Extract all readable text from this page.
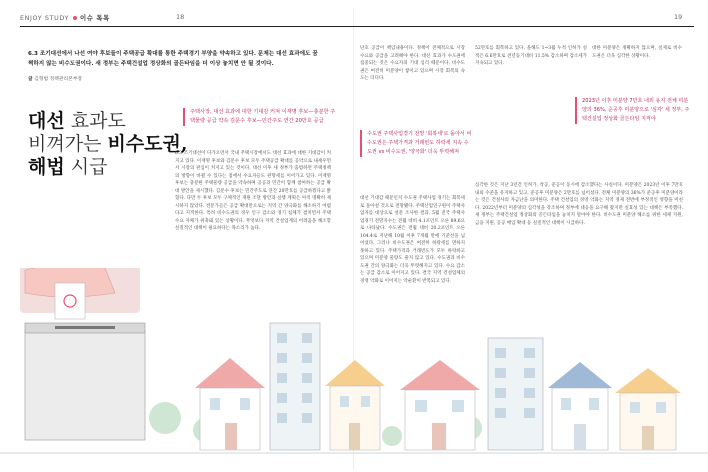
ENJOY STUDY 이슈 톡톡	18	19
6.3 조기대선에서 나선 여야 후보들이 주택공급 확대를 통한 주택경기 부양을 약속하고 있다. 문제는 대선 효과에도 꿈쩍하지 않는 비수도권이다. 새 정부는 주택건설업 정상화의 골든타임을 더 이상 놓치면 안 될 것이다.
글 김형범 정책관리본부장
대선 효과도
비껴가는 비수도권,
해법 시급
주택사장, 대선 효과에 대한 기대감 커져 이재명 후보—충분한 주택물량 공급 약속 김문수 후보—민간주도 연간 20만호 공급
6.3 조기대선이 다가오면서 국내 주택시장에서도 대선 효과에 대한 기대감이 커지고 있다. 이재명 후보와 김문수 후보 모두 주택공급 확대를 공약으로 내세우면서 시장의 관심이 커지고 있는 것이다. 대선 이후 새 정부가 출범하면 주택정책의 방향이 바뀔 수 있다는 점에서 수요자들도 관망세를 이어가고 있다. 이재명 후보는 충분한 주택물량 공급을 약속하며 공공과 민간이 함께 참여하는 공급 확대 방안을 제시했다. 김문수 후보는 민간주도로 연간 20만호를 공급하겠다고 밝혔다. 다만 두 후보 모두 구체적인 재원 조달 방안과 실행 계획은 아직 명확히 제시하지 않았다. 전문가들은 공급 확대만으로는 지역 간 양극화를 해소하기 어렵다고 지적한다. 특히 비수도권의 경우 인구 감소와 경기 침체가 겹치면서 주택 수요 자체가 위축돼 있는 상황이다. 무엇보다 지역 건설업계의 어려움을 해소할 실질적인 대책이 필요하다는 목소리가 높다.
단호 공급이 책임내용이다. 정책이 전체적으로 시장 수요와 공급을 고려해야 한다. 대선 효과가 수도권에 집중되는 것은 수요자의 기대 심리 때문이다. 비수도권은 여전히 미분양이 쌓이고 있으며 시장 회복의 속도는 더디다.
수도권 주택사업경기 전망 '회복세'로 돌아서 비수도권은 주택가격과 거래빈도 하락세 지속 수도권 vs 비수도권, '양극화' 더욱 뚜렷해져
대선 기대감 때문인지 수도권 주택사업 경기는 회복세로 돌아설 것으로 전망됐다. 주택산업연구원이 주택사업자를 대상으로 설문 조사한 결과, 5월 전국 주택사업경기 전망지수는 전월 대비 4.1포인트 오른 89.6으로 나타났다. 수도권은 전월 대비 20.2포인트 오른 104.4로 지난해 10월 이후 7개월 만에 기준선을 넘어섰다. 그러나 비수도권은 여전히 하락세를 면하지 못하고 있다. 주택가격과 거래빈도가 모두 하락하고 있으며 미분양 물량도 줄지 않고 있다. 수도권과 비수도권 간의 양극화는 더욱 뚜렷해지고 있다. 수요 감소는 공급 감소로 이어지고 있다. 결국 지역 건설업체의 경영 악화로 이어지는 악순환이 반복되고 있다.
52만호를 회복하고 있다. 올해도 1~3월 누적 인허가 실적은 6.6만호로 전년동기대비 11.5% 감소하며 감소세가 지속되고 있다.
대한 미분양은 정확하지 않으며, 실제로 비수도권은 더욱 심각한 상황이다.
2023년 이후 미분양 7만호 내외 유지 전체 미분양의 36%, 준공후 미분양으로 '심각' 새 정부, 주택건설업 정상화 골든타임 지켜야
심각한 것은 지난 3년간 인허가, 착공, 준공이 동시에 감소했다는 사실이다. 미분양은 2023년 이후 7만호 내외 수준을 유지하고 있고, 준공후 미분양은 2만호를 넘어섰다. 전체 미분양의 36%가 준공후 미분양이라는 것은 건설사의 자금난을 의미한다. 주택 건설업의 경영 악화는 지역 경제 전반에 부정적인 영향을 미친다. 2022년부터 미분양의 심각성을 강조하며 정부에 대응을 요구해 왔지만 실효성 있는 대책은 부족했다. 새 정부는 주택건설업 정상화의 골든타임을 놓치지 말아야 한다. 비수도권 미분양 해소를 위한 세제 지원, 금융 지원, 공공 매입 확대 등 실질적인 대책이 시급하다.
